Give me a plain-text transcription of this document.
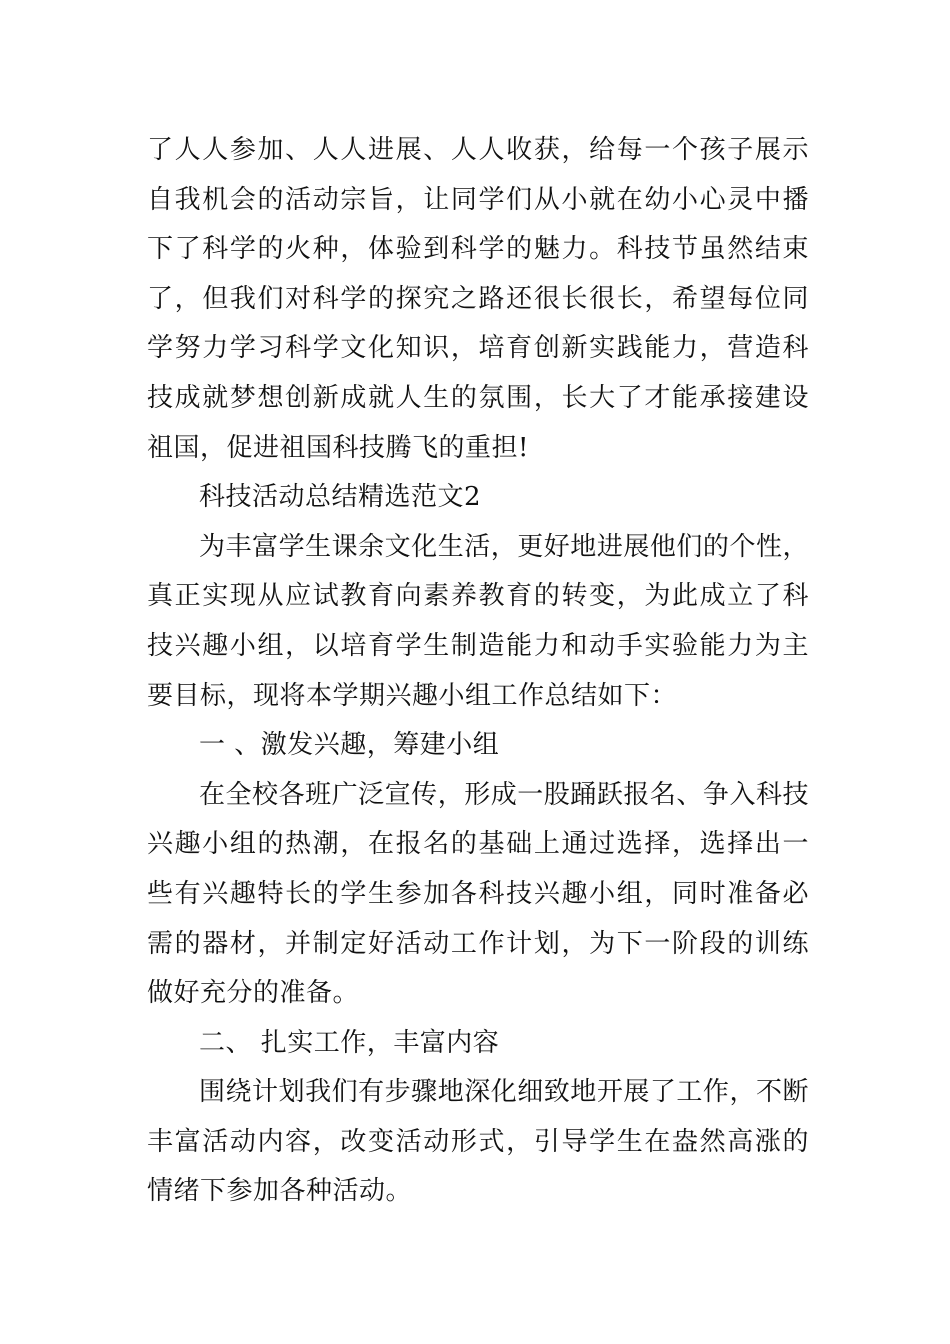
了人人参加、人人进展、人人收获，给每一个孩子展示自我机会的活动宗旨，让同学们从小就在幼小心灵中播下了科学的火种，体验到科学的魅力。科技节虽然结束了，但我们对科学的探究之路还很长很长，希望每位同学努力学习科学文化知识，培育创新实践能力，营造科技成就梦想创新成就人生的氛围，长大了才能承接建设祖国，促进祖国科技腾飞的重担!

科技活动总结精选范文2

为丰富学生课余文化生活，更好地进展他们的个性，真正实现从应试教育向素养教育的转变，为此成立了科技兴趣小组，以培育学生制造能力和动手实验能力为主要目标，现将本学期兴趣小组工作总结如下：

一 、激发兴趣，筹建小组

在全校各班广泛宣传，形成一股踊跃报名、争入科技兴趣小组的热潮，在报名的基础上通过选择，选择出一些有兴趣特长的学生参加各科技兴趣小组，同时准备必需的器材，并制定好活动工作计划，为下一阶段的训练做好充分的准备。

二、 扎实工作，丰富内容

围绕计划我们有步骤地深化细致地开展了工作，不断丰富活动内容，改变活动形式，引导学生在盎然高涨的情绪下参加各种活动。
